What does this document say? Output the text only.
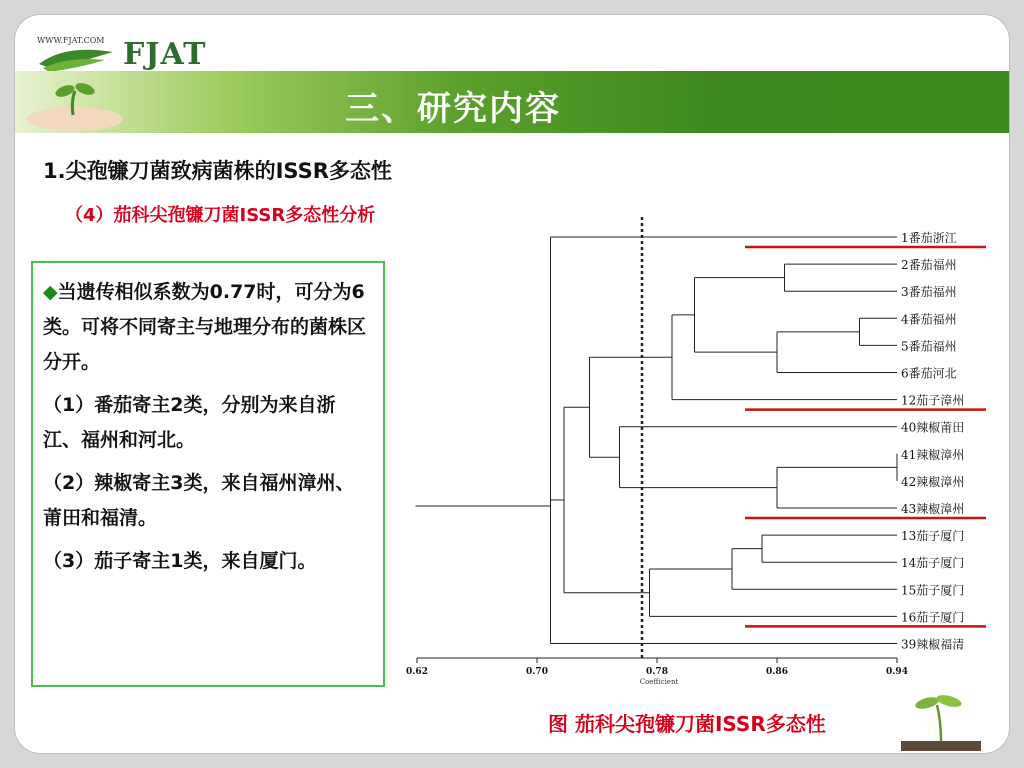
WWW.FJAT.COM FJAT
三、研究内容
1.尖孢镰刀菌致病菌株的ISSR多态性
（4）茄科尖孢镰刀菌ISSR多态性分析

◆当遗传相似系数为0.77时，可分为6类。可将不同寄主与地理分布的菌株区分开。

（1）番茄寄主2类，分别为来自浙江、福州和河北。

（2）辣椒寄主3类，来自福州漳州、莆田和福清。

（3）茄子寄主1类，来自厦门。

图 茄科尖孢镰刀菌ISSR多态性
1番茄浙江
2番茄福州
3番茄福州
4番茄福州
5番茄福州
6番茄河北
12茄子漳州
40辣椒莆田
41辣椒漳州
42辣椒漳州
43辣椒漳州
13茄子厦门
14茄子厦门
15茄子厦门
16茄子厦门
39辣椒福清
0.62	0.70	0.78	0.86	0.94
Coefficient
